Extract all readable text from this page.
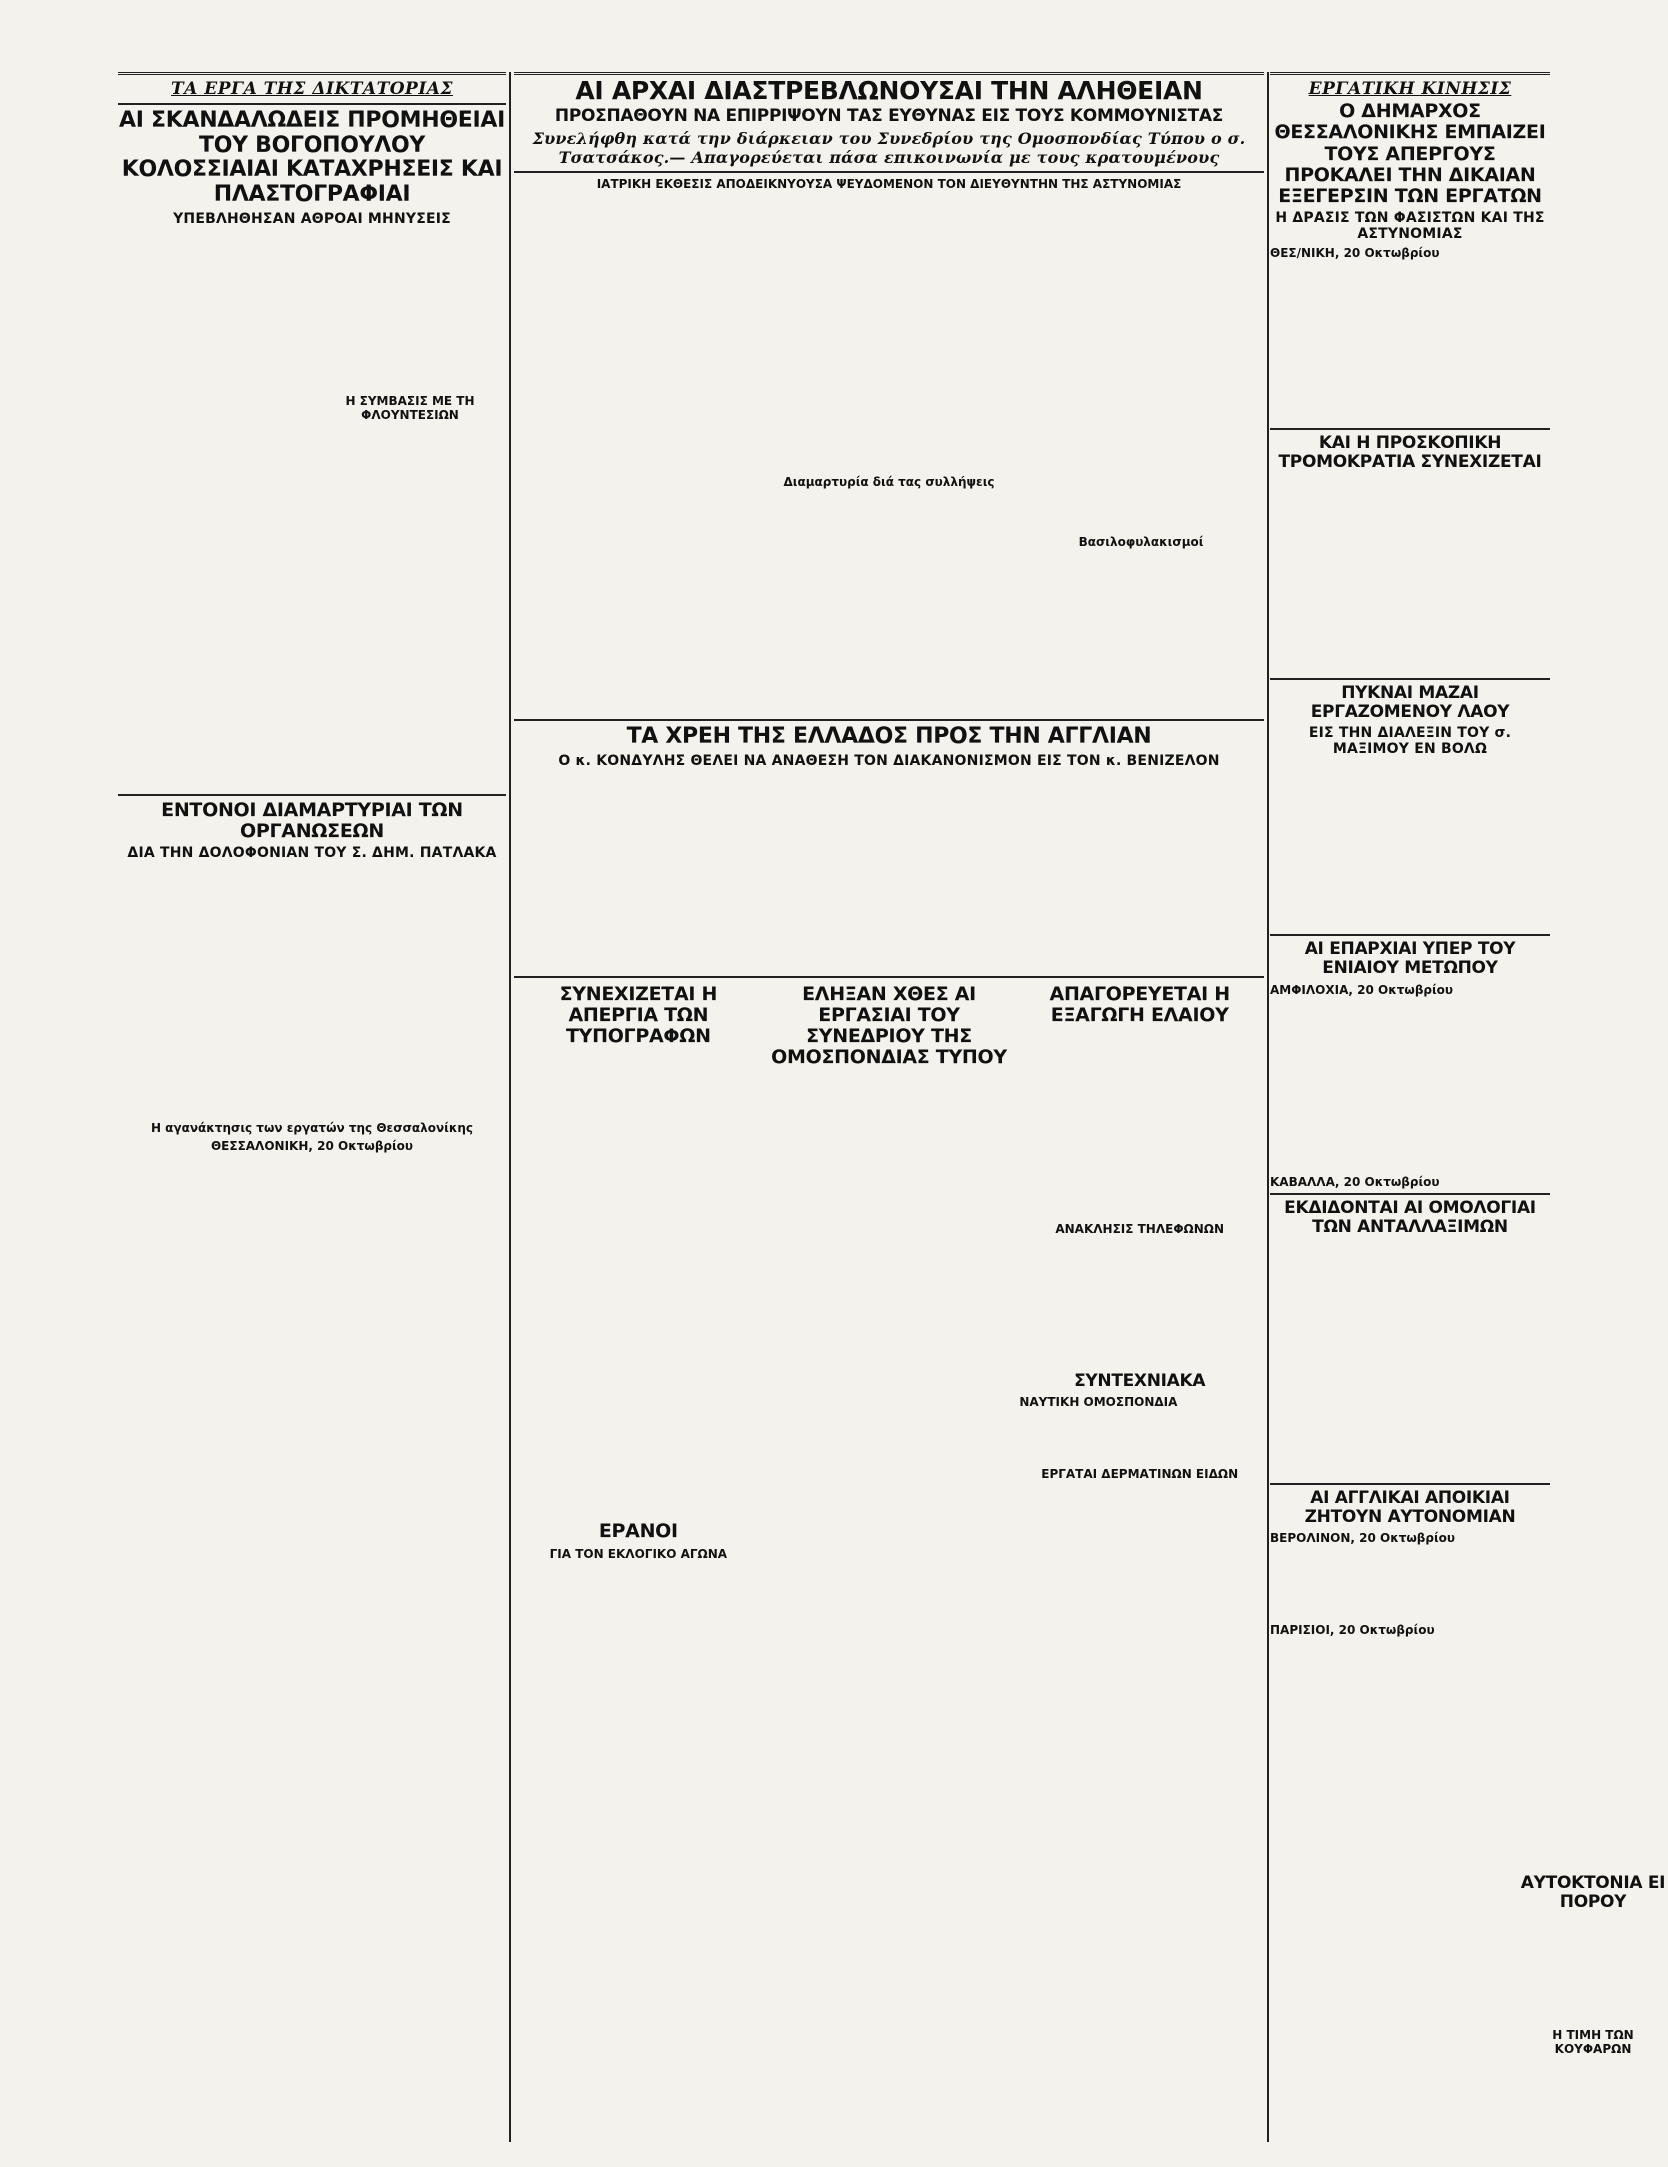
ΤΑ ΕΡΓΑ ΤΗΣ ΔΙΚΤΑΤΟΡΙΑΣ
ΑΙ ΣΚΑΝΔΑΛΩΔΕΙΣ ΠΡΟΜΗΘΕΙΑΙ ΤΟΥ ΒΟΓΟΠΟΥΛΟΥ ΚΟΛΟΣΣΙΑΙΑΙ ΚΑΤΑΧΡΗΣΕΙΣ ΚΑΙ ΠΛΑΣΤΟΓΡΑΦΙΑΙ
ΥΠΕΒΛΗΘΗΣΑΝ ΑΘΡΟΑΙ ΜΗΝΥΣΕΙΣ
Η ΣΥΜΒΑΣΙΣ ΜΕ ΤΗ ΦΛΟΥΝΤΕΣΙΩΝ
ΕΝΤΟΝΟΙ ΔΙΑΜΑΡΤΥΡΙΑΙ ΤΩΝ ΟΡΓΑΝΩΣΕΩΝ
ΔΙΑ ΤΗΝ ΔΟΛΟΦΟΝΙΑΝ ΤΟΥ Σ. ΔΗΜ. ΠΑΤΛΑΚΑ
Η αγανάκτησις των εργατών της Θεσσαλονίκης
ΘΕΣΣΑΛΟΝΙΚΗ, 20 Οκτωβρίου
ΑΙ ΑΡΧΑΙ ΔΙΑΣΤΡΕΒΛΩΝΟΥΣΑΙ ΤΗΝ ΑΛΗΘΕΙΑΝ
ΠΡΟΣΠΑΘΟΥΝ ΝΑ ΕΠΙΡΡΙΨΟΥΝ ΤΑΣ ΕΥΘΥΝΑΣ ΕΙΣ ΤΟΥΣ ΚΟΜΜΟΥΝΙΣΤΑΣ
Συνελήφθη κατά την διάρκειαν του Συνεδρίου της Ομοσπονδίας Τύπου ο σ. Τσατσάκος.— Απαγορεύεται πάσα επικοινωνία με τους κρατουμένους
ΙΑΤΡΙΚΗ ΕΚΘΕΣΙΣ ΑΠΟΔΕΙΚΝΥΟΥΣΑ ΨΕΥΔΟΜΕΝΟΝ ΤΟΝ ΔΙΕΥΘΥΝΤΗΝ ΤΗΣ ΑΣΤΥΝΟΜΙΑΣ
Διαμαρτυρία διά τας συλλήψεις
Βασιλοφυλακισμοί
ΤΑ ΧΡΕΗ ΤΗΣ ΕΛΛΑΔΟΣ ΠΡΟΣ ΤΗΝ ΑΓΓΛΙΑΝ
Ο κ. ΚΟΝΔΥΛΗΣ ΘΕΛΕΙ ΝΑ ΑΝΑΘΕΣΗ ΤΟΝ ΔΙΑΚΑΝΟΝΙΣΜΟΝ ΕΙΣ ΤΟΝ κ. ΒΕΝΙΖΕΛΟΝ
ΣΥΝΕΧΙΖΕΤΑΙ Η ΑΠΕΡΓΙΑ ΤΩΝ ΤΥΠΟΓΡΑΦΩΝ
ΕΡΑΝΟΙ
ΓΙΑ ΤΟΝ ΕΚΛΟΓΙΚΟ ΑΓΩΝΑ
ΕΛΗΞΑΝ ΧΘΕΣ ΑΙ ΕΡΓΑΣΙΑΙ ΤΟΥ ΣΥΝΕΔΡΙΟΥ ΤΗΣ ΟΜΟΣΠΟΝΔΙΑΣ ΤΥΠΟΥ
ΑΠΑΓΟΡΕΥΕΤΑΙ Η ΕΞΑΓΩΓΗ ΕΛΑΙΟΥ
ΑΝΑΚΛΗΣΙΣ ΤΗΛΕΦΩΝΩΝ
ΣΥΝΤΕΧΝΙΑΚΑ
ΝΑΥΤΙΚΗ ΟΜΟΣΠΟΝΔΙΑ
ΕΡΓΑΤΑΙ ΔΕΡΜΑΤΙΝΩΝ ΕΙΔΩΝ
ΕΡΓΑΤΙΚΗ ΚΙΝΗΣΙΣ
Ο ΔΗΜΑΡΧΟΣ ΘΕΣΣΑΛΟΝΙΚΗΣ ΕΜΠΑΙΖΕΙ ΤΟΥΣ ΑΠΕΡΓΟΥΣ ΠΡΟΚΑΛΕΙ ΤΗΝ ΔΙΚΑΙΑΝ ΕΞΕΓΕΡΣΙΝ ΤΩΝ ΕΡΓΑΤΩΝ
Η ΔΡΑΣΙΣ ΤΩΝ ΦΑΣΙΣΤΩΝ ΚΑΙ ΤΗΣ ΑΣΤΥΝΟΜΙΑΣ
ΘΕΣ/ΝΙΚΗ, 20 Οκτωβρίου
ΚΑΙ Η ΠΡΟΣΚΟΠΙΚΗ ΤΡΟΜΟΚΡΑΤΙΑ ΣΥΝΕΧΙΖΕΤΑΙ
ΠΥΚΝΑΙ ΜΑΖΑΙ ΕΡΓΑΖΟΜΕΝΟΥ ΛΑΟΥ
ΕΙΣ ΤΗΝ ΔΙΑΛΕΞΙΝ ΤΟΥ σ. ΜΑΞΙΜΟΥ ΕΝ ΒΟΛΩ
ΑΙ ΕΠΑΡΧΙΑΙ ΥΠΕΡ ΤΟΥ ΕΝΙΑΙΟΥ ΜΕΤΩΠΟΥ
ΑΜΦΙΛΟΧΙΑ, 20 Οκτωβρίου
ΚΑΒΑΛΛΑ, 20 Οκτωβρίου
ΕΚΔΙΔΟΝΤΑΙ ΑΙ ΟΜΟΛΟΓΙΑΙ ΤΩΝ ΑΝΤΑΛΛΑΞΙΜΩΝ
ΑΙ ΑΓΓΛΙΚΑΙ ΑΠΟΙΚΙΑΙ ΖΗΤΟΥΝ ΑΥΤΟΝΟΜΙΑΝ
ΒΕΡΟΛΙΝΟΝ, 20 Οκτωβρίου
ΠΑΡΙΣΙΟΙ, 20 Οκτωβρίου
ΑΥΤΟΚΤΟΝΙΑ ΕΙ ΠΟΡΟΥ
Η ΤΙΜΗ ΤΩΝ ΚΟΥΦΑΡΩΝ
